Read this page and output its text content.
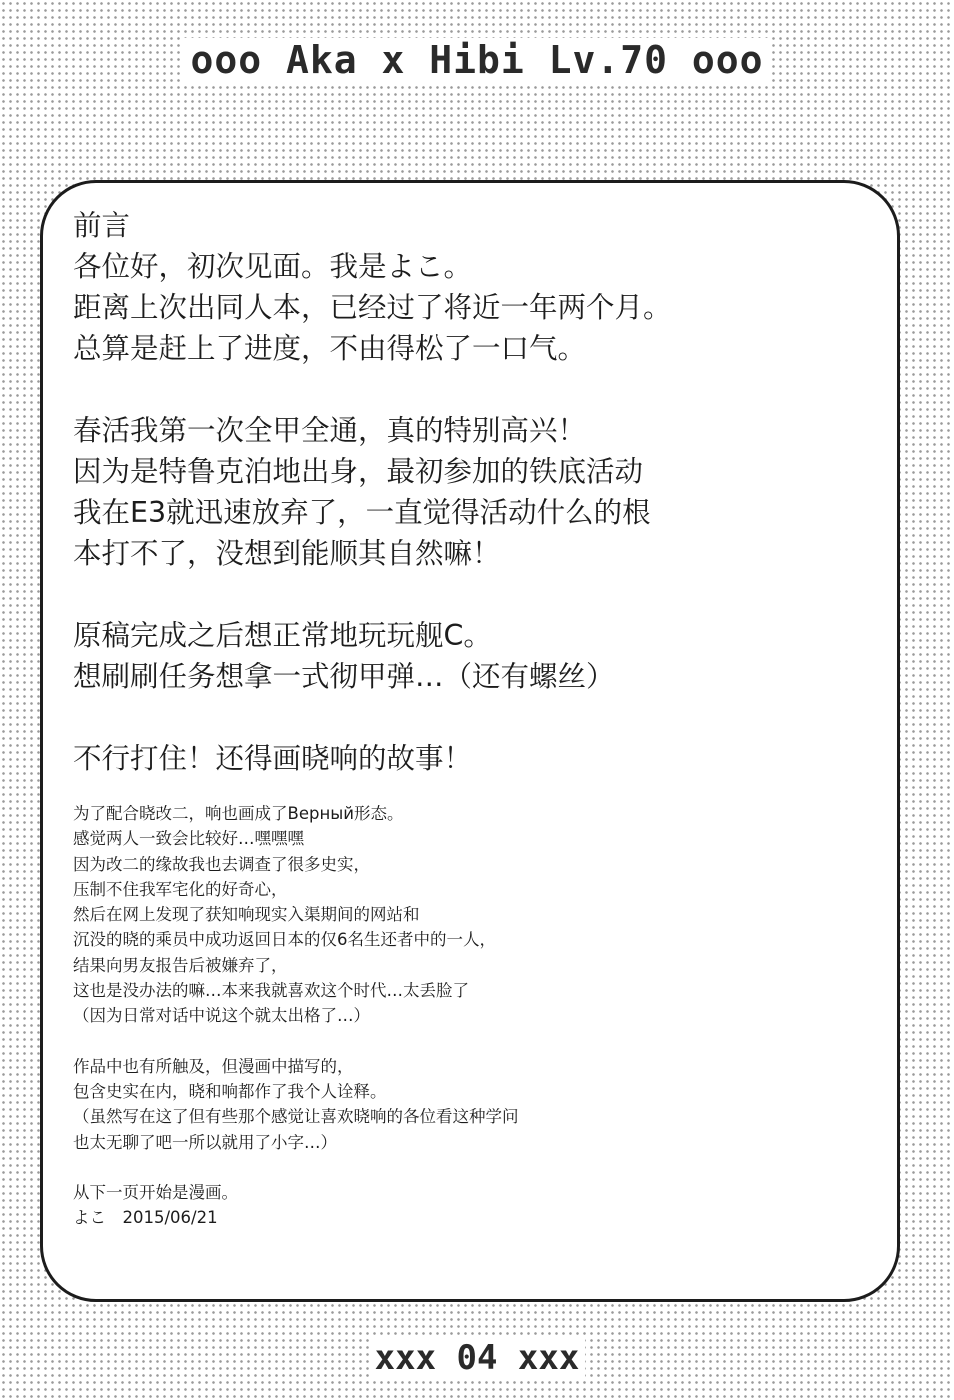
ooo Aka x Hibi Lv.70 ooo
前言
各位好，初次见面。我是よこ。
距离上次出同人本，已经过了将近一年两个月。
总算是赶上了进度，不由得松了一口气。
春活我第一次全甲全通，真的特别高兴！
因为是特鲁克泊地出身，最初参加的铁底活动
我在E3就迅速放弃了，一直觉得活动什么的根
本打不了，没想到能顺其自然嘛！
原稿完成之后想正常地玩玩舰C。
想刷刷任务想拿一式彻甲弹…（还有螺丝）
不行打住！还得画晓响的故事！
为了配合晓改二，响也画成了Верный形态。
感觉两人一致会比较好…嘿嘿嘿
因为改二的缘故我也去调查了很多史实，
压制不住我军宅化的好奇心，
然后在网上发现了获知响现实入渠期间的网站和
沉没的晓的乘员中成功返回日本的仅6名生还者中的一人，
结果向男友报告后被嫌弃了，
这也是没办法的嘛…本来我就喜欢这个时代…太丢脸了
（因为日常对话中说这个就太出格了…）
作品中也有所触及，但漫画中描写的，
包含史实在内，晓和响都作了我个人诠释。
（虽然写在这了但有些那个感觉让喜欢晓响的各位看这种学问
也太无聊了吧一所以就用了小字…）
从下一页开始是漫画。
よこ　2015/06/21
xxx 04 xxx
